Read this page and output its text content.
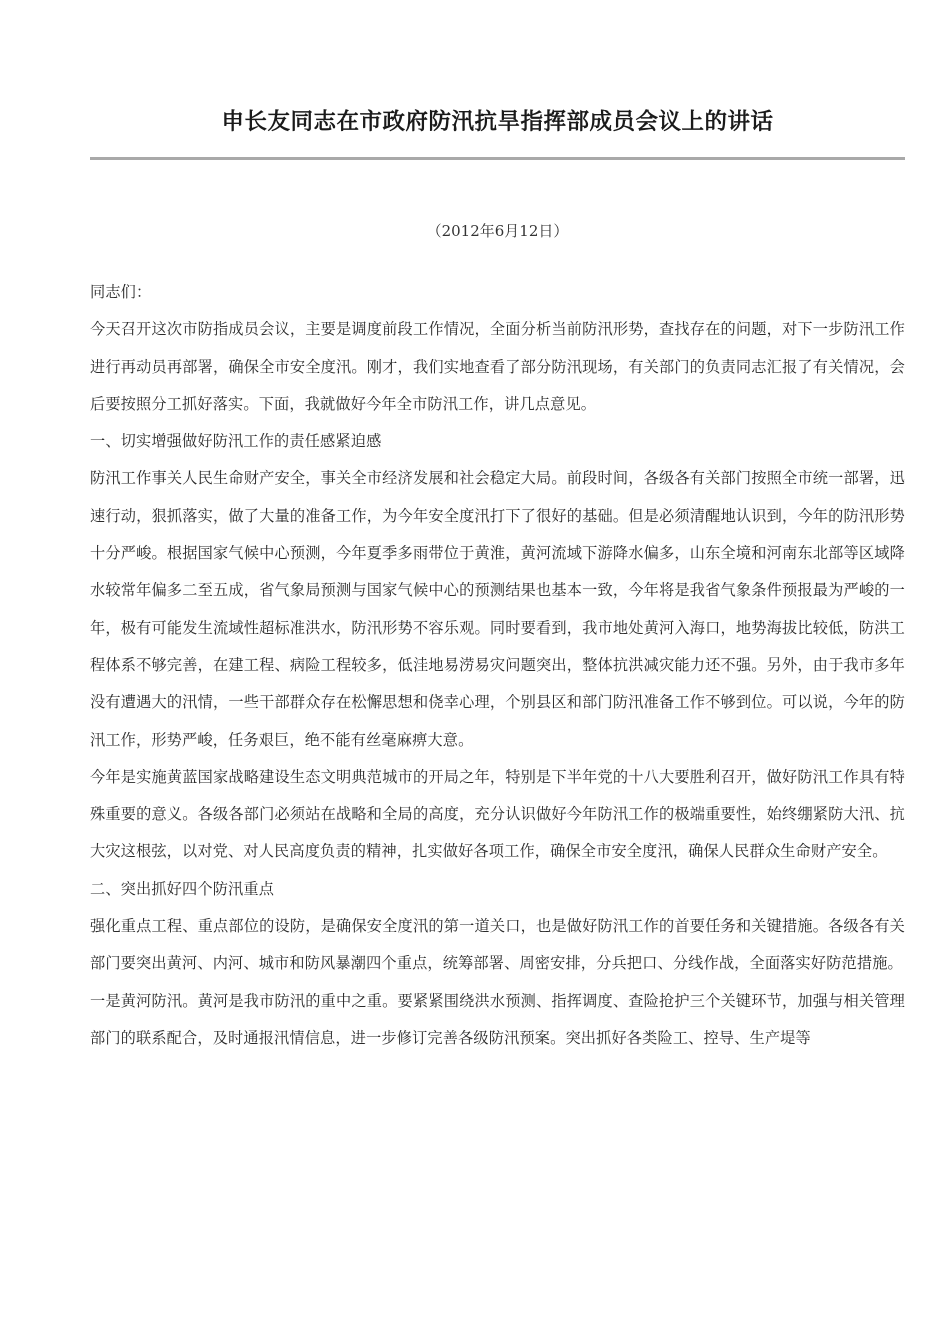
申长友同志在市政府防汛抗旱指挥部成员会议上的讲话
（2012年6月12日）

同志们：

今天召开这次市防指成员会议，主要是调度前段工作情况，全面分析当前防汛形势，查找存在的问题，对下一步防汛工作进行再动员再部署，确保全市安全度汛。刚才，我们实地查看了部分防汛现场，有关部门的负责同志汇报了有关情况，会后要按照分工抓好落实。下面，我就做好今年全市防汛工作，讲几点意见。

一、切实增强做好防汛工作的责任感紧迫感

防汛工作事关人民生命财产安全，事关全市经济发展和社会稳定大局。前段时间，各级各有关部门按照全市统一部署，迅速行动，狠抓落实，做了大量的准备工作，为今年安全度汛打下了很好的基础。但是必须清醒地认识到，今年的防汛形势十分严峻。根据国家气候中心预测，今年夏季多雨带位于黄淮，黄河流域下游降水偏多，山东全境和河南东北部等区域降水较常年偏多二至五成，省气象局预测与国家气候中心的预测结果也基本一致，今年将是我省气象条件预报最为严峻的一年，极有可能发生流域性超标准洪水，防汛形势不容乐观。同时要看到，我市地处黄河入海口，地势海拔比较低，防洪工程体系不够完善，在建工程、病险工程较多，低洼地易涝易灾问题突出，整体抗洪减灾能力还不强。另外，由于我市多年没有遭遇大的汛情，一些干部群众存在松懈思想和侥幸心理，个别县区和部门防汛准备工作不够到位。可以说，今年的防汛工作，形势严峻，任务艰巨，绝不能有丝毫麻痹大意。

今年是实施黄蓝国家战略建设生态文明典范城市的开局之年，特别是下半年党的十八大要胜利召开，做好防汛工作具有特殊重要的意义。各级各部门必须站在战略和全局的高度，充分认识做好今年防汛工作的极端重要性，始终绷紧防大汛、抗大灾这根弦，以对党、对人民高度负责的精神，扎实做好各项工作，确保全市安全度汛，确保人民群众生命财产安全。

二、突出抓好四个防汛重点

强化重点工程、重点部位的设防，是确保安全度汛的第一道关口，也是做好防汛工作的首要任务和关键措施。各级各有关部门要突出黄河、内河、城市和防风暴潮四个重点，统筹部署、周密安排，分兵把口、分线作战，全面落实好防范措施。

一是黄河防汛。黄河是我市防汛的重中之重。要紧紧围绕洪水预测、指挥调度、查险抢护三个关键环节，加强与相关管理部门的联系配合，及时通报汛情信息，进一步修订完善各级防汛预案。突出抓好各类险工、控导、生产堤等
